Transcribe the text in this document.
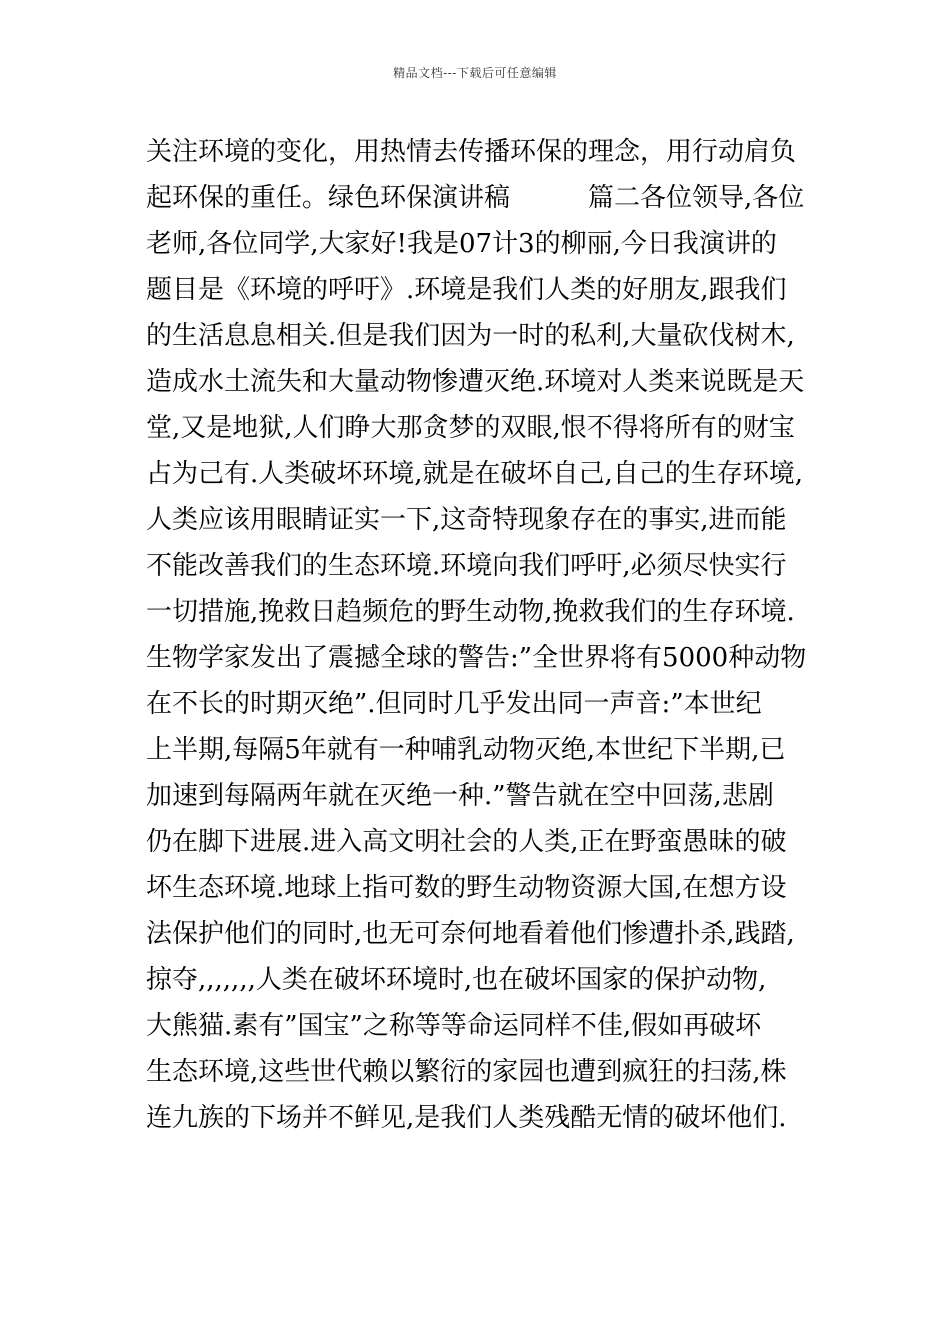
精品文档---下载后可任意编辑
关注环境的变化，用热情去传播环保的理念，用行动肩负
起环保的重任。绿色环保演讲稿　　　篇二各位领导,各位
老师,各位同学,大家好!我是07计3的柳丽,今日我演讲的
题目是《环境的呼吁》.环境是我们人类的好朋友,跟我们
的生活息息相关.但是我们因为一时的私利,大量砍伐树木,
造成水土流失和大量动物惨遭灭绝.环境对人类来说既是天
堂,又是地狱,人们睁大那贪梦的双眼,恨不得将所有的财宝
占为己有.人类破坏环境,就是在破坏自己,自己的生存环境,
人类应该用眼睛证实一下,这奇特现象存在的事实,进而能
不能改善我们的生态环境.环境向我们呼吁,必须尽快实行
一切措施,挽救日趋频危的野生动物,挽救我们的生存环境.
生物学家发出了震撼全球的警告:”全世界将有5000种动物
在不长的时期灭绝”.但同时几乎发出同一声音:”本世纪
上半期,每隔5年就有一种哺乳动物灭绝,本世纪下半期,已
加速到每隔两年就在灭绝一种.”警告就在空中回荡,悲剧
仍在脚下进展.进入高文明社会的人类,正在野蛮愚昧的破
坏生态环境.地球上指可数的野生动物资源大国,在想方设
法保护他们的同时,也无可奈何地看着他们惨遭扑杀,践踏,
掠夺,,,,,,,人类在破坏环境时,也在破坏国家的保护动物,
大熊猫.素有”国宝”之称等等命运同样不佳,假如再破坏
生态环境,这些世代赖以繁衍的家园也遭到疯狂的扫荡,株
连九族的下场并不鲜见,是我们人类残酷无情的破坏他们.
